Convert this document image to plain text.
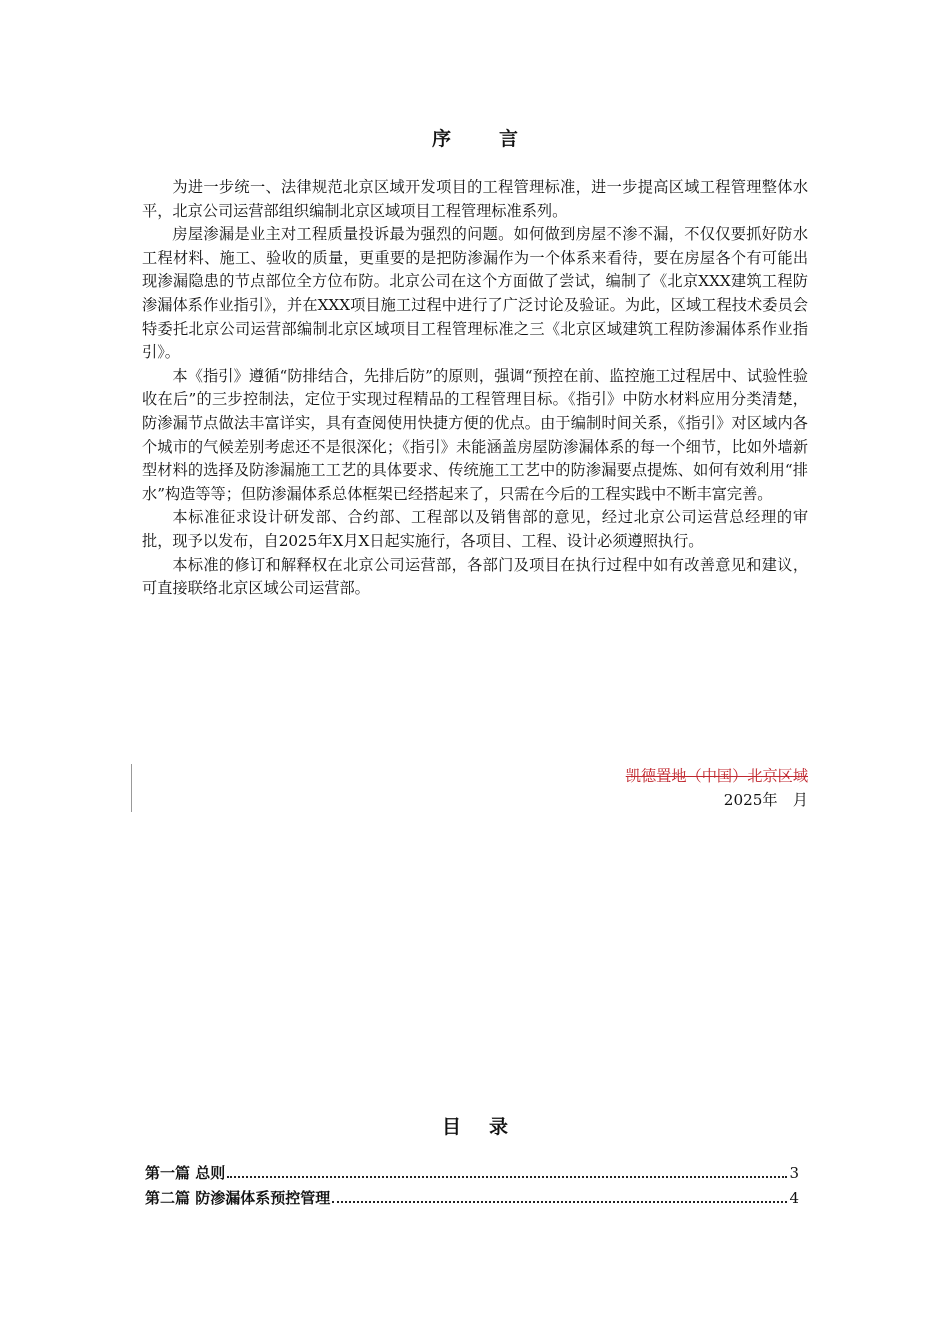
序言

为进一步统一、法律规范北京区域开发项目的工程管理标准，进一步提高区域工程管理整体水平，北京公司运营部组织编制北京区域项目工程管理标准系列。

房屋渗漏是业主对工程质量投诉最为强烈的问题。如何做到房屋不渗不漏，不仅仅要抓好防水工程材料、施工、验收的质量，更重要的是把防渗漏作为一个体系来看待，要在房屋各个有可能出现渗漏隐患的节点部位全方位布防。北京公司在这个方面做了尝试，编制了《北京XXX建筑工程防渗漏体系作业指引》，并在XXX项目施工过程中进行了广泛讨论及验证。为此，区域工程技术委员会特委托北京公司运营部编制北京区域项目工程管理标准之三《北京区域建筑工程防渗漏体系作业指引》。

本《指引》遵循“防排结合，先排后防”的原则，强调“预控在前、监控施工过程居中、试验性验收在后”的三步控制法，定位于实现过程精品的工程管理目标。《指引》中防水材料应用分类清楚，防渗漏节点做法丰富详实，具有查阅使用快捷方便的优点。由于编制时间关系，《指引》对区域内各个城市的气候差别考虑还不是很深化；《指引》未能涵盖房屋防渗漏体系的每一个细节，比如外墙新型材料的选择及防渗漏施工工艺的具体要求、传统施工工艺中的防渗漏要点提炼、如何有效利用“排水”构造等等；但防渗漏体系总体框架已经搭起来了，只需在今后的工程实践中不断丰富完善。

本标准征求设计研发部、合约部、工程部以及销售部的意见，经过北京公司运营总经理的审批，现予以发布，自2025年X月X日起实施行，各项目、工程、设计必须遵照执行。

本标准的修订和解释权在北京公司运营部，各部门及项目在执行过程中如有改善意见和建议，可直接联络北京区域公司运营部。

凯德置地（中国）北京区域
2025年　月
目录
第一篇 总则	3
第二篇 防渗漏体系预控管理	4
